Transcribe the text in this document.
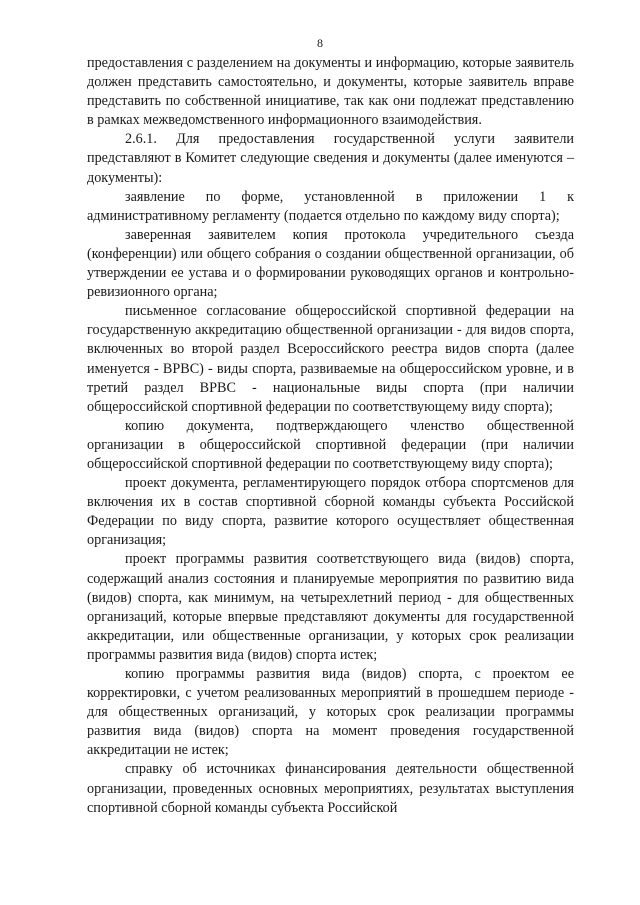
8

предоставления с разделением на документы и информацию, которые заявитель должен представить самостоятельно, и документы, которые заявитель вправе представить по собственной инициативе, так как они подлежат представлению в рамках межведомственного информационного взаимодействия.

2.6.1. Для предоставления государственной услуги заявители представляют в Комитет следующие сведения и документы (далее именуются – документы):

заявление по форме, установленной в приложении 1 к административному регламенту (подается отдельно по каждому виду спорта);

заверенная заявителем копия протокола учредительного съезда (конференции) или общего собрания о создании общественной организации, об утверждении ее устава и о формировании руководящих органов и контрольно-ревизионного органа;

письменное согласование общероссийской спортивной федерации на государственную аккредитацию общественной организации - для видов спорта, включенных во второй раздел Всероссийского реестра видов спорта (далее именуется - ВРВС) - виды спорта, развиваемые на общероссийском уровне, и в третий раздел ВРВС - национальные виды спорта (при наличии общероссийской спортивной федерации по соответствующему виду спорта);

копию документа, подтверждающего членство общественной организации в общероссийской спортивной федерации (при наличии общероссийской спортивной федерации по соответствующему виду спорта);

проект документа, регламентирующего порядок отбора спортсменов для включения их в состав спортивной сборной команды субъекта Российской Федерации по виду спорта, развитие которого осуществляет общественная организация;

проект программы развития соответствующего вида (видов) спорта, содержащий анализ состояния и планируемые мероприятия по развитию вида (видов) спорта, как минимум, на четырехлетний период - для общественных организаций, которые впервые представляют документы для государственной аккредитации, или общественные организации, у которых срок реализации программы развития вида (видов) спорта истек;

копию программы развития вида (видов) спорта, с проектом ее корректировки, с учетом реализованных мероприятий в прошедшем периоде - для общественных организаций, у которых срок реализации программы развития вида (видов) спорта на момент проведения государственной аккредитации не истек;

справку об источниках финансирования деятельности общественной организации, проведенных основных мероприятиях, результатах выступления спортивной сборной команды субъекта Российской
